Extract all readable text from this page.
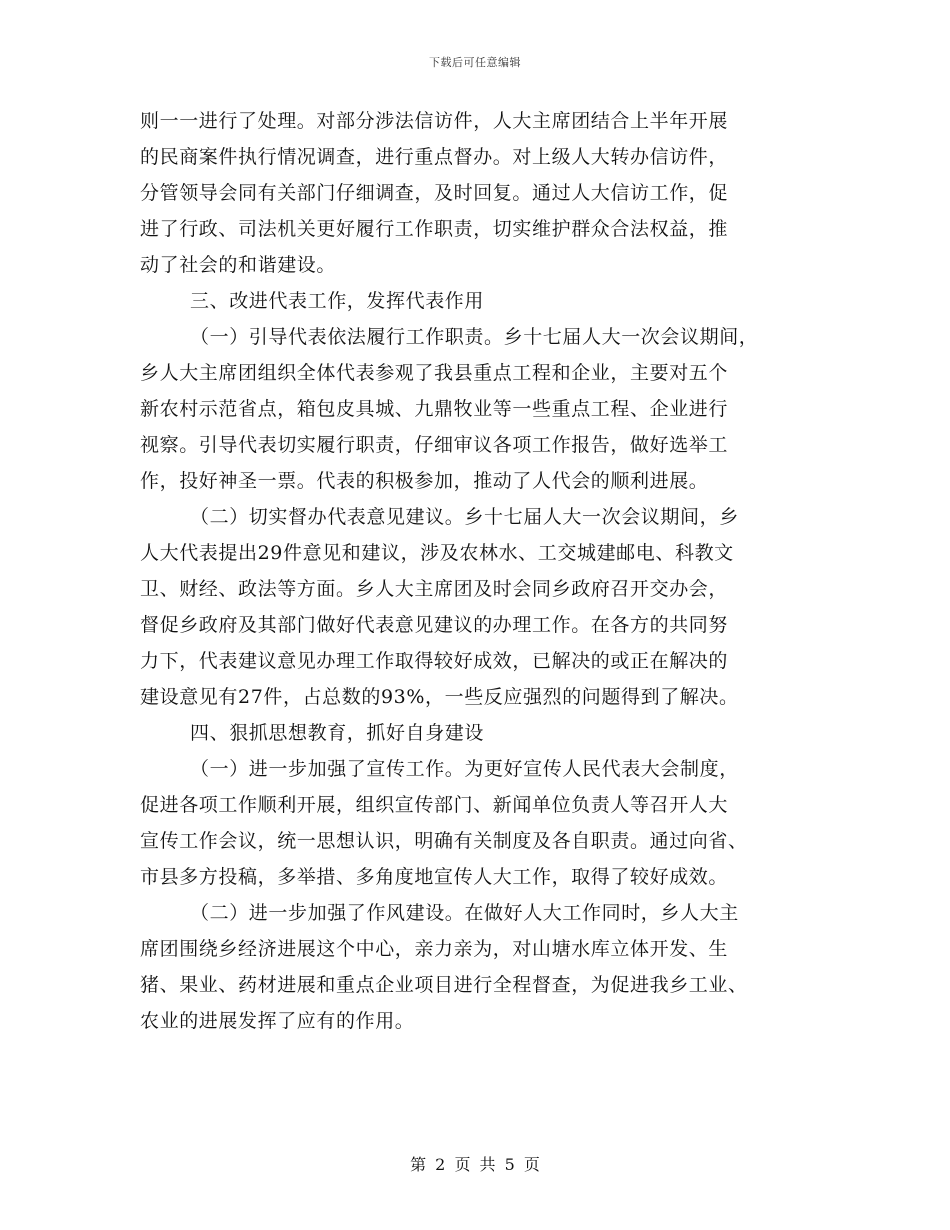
下载后可任意编辑
则一一进行了处理。对部分涉法信访件，人大主席团结合上半年开展
的民商案件执行情况调查，进行重点督办。对上级人大转办信访件，
分管领导会同有关部门仔细调查，及时回复。通过人大信访工作，促
进了行政、司法机关更好履行工作职责，切实维护群众合法权益，推
动了社会的和谐建设。
三、改进代表工作，发挥代表作用
（一）引导代表依法履行工作职责。乡十七届人大一次会议期间，
乡人大主席团组织全体代表参观了我县重点工程和企业，主要对五个
新农村示范省点，箱包皮具城、九鼎牧业等一些重点工程、企业进行
视察。引导代表切实履行职责，仔细审议各项工作报告，做好选举工
作，投好神圣一票。代表的积极参加，推动了人代会的顺利进展。
（二）切实督办代表意见建议。乡十七届人大一次会议期间，乡
人大代表提出29件意见和建议，涉及农林水、工交城建邮电、科教文
卫、财经、政法等方面。乡人大主席团及时会同乡政府召开交办会，
督促乡政府及其部门做好代表意见建议的办理工作。在各方的共同努
力下，代表建议意见办理工作取得较好成效，已解决的或正在解决的
建设意见有27件，占总数的93%，一些反应强烈的问题得到了解决。
四、狠抓思想教育，抓好自身建设
（一）进一步加强了宣传工作。为更好宣传人民代表大会制度，
促进各项工作顺利开展，组织宣传部门、新闻单位负责人等召开人大
宣传工作会议，统一思想认识，明确有关制度及各自职责。通过向省、
市县多方投稿，多举措、多角度地宣传人大工作，取得了较好成效。
（二）进一步加强了作风建设。在做好人大工作同时，乡人大主
席团围绕乡经济进展这个中心，亲力亲为，对山塘水库立体开发、生
猪、果业、药材进展和重点企业项目进行全程督查，为促进我乡工业、
农业的进展发挥了应有的作用。
第 2 页 共 5 页
